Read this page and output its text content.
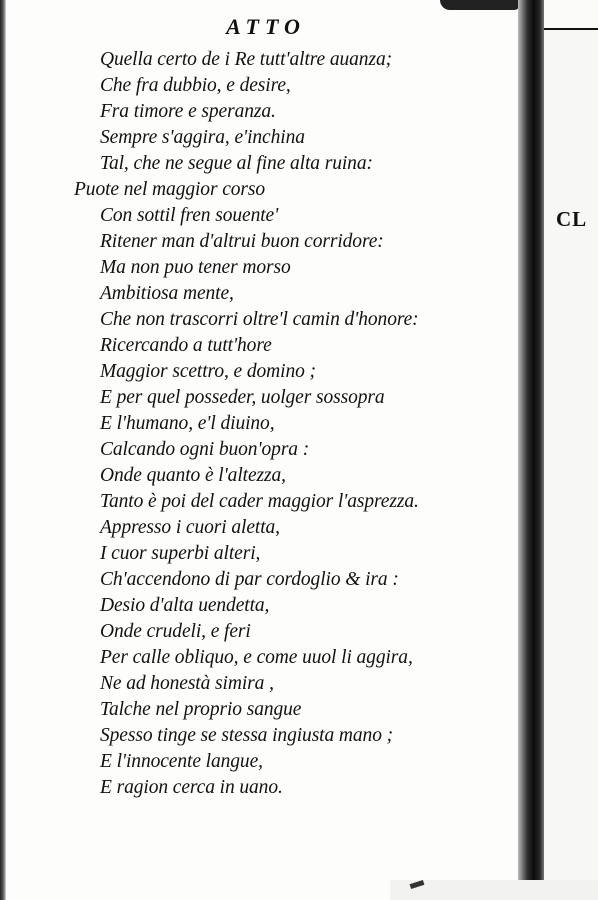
ATTO
CL
Quella certo de i Re tutt'altre auanza;
Che fra dubbio, e desire,
Fra timore e speranza.
Sempre s'aggira, e'inchina
Tal, che ne segue al fine alta ruina:
Puote nel maggior corso
Con sottil fren souente'
Ritener man d'altrui buon corridore:
Ma non puo tener morso
Ambitiosa mente,
Che non trascorri oltre'l camin d'honore:
Ricercando a tutt'hore
Maggior scettro, e domino ;
E per quel posseder, uolger sossopra
E l'humano, e'l diuino,
Calcando ogni buon'opra :
Onde quanto è l'altezza,
Tanto è poi del cader maggior l'asprezza.
Appresso i cuori aletta,
I cuor superbi alteri,
Ch'accendono di par cordoglio & ira :
Desio d'alta uendetta,
Onde crudeli, e feri
Per calle obliquo, e come uuol li aggira,
Ne ad honestà simira ,
Talche nel proprio sangue
Spesso tinge se stessa ingiusta mano ;
E l'innocente langue,
E ragion cerca in uano.
